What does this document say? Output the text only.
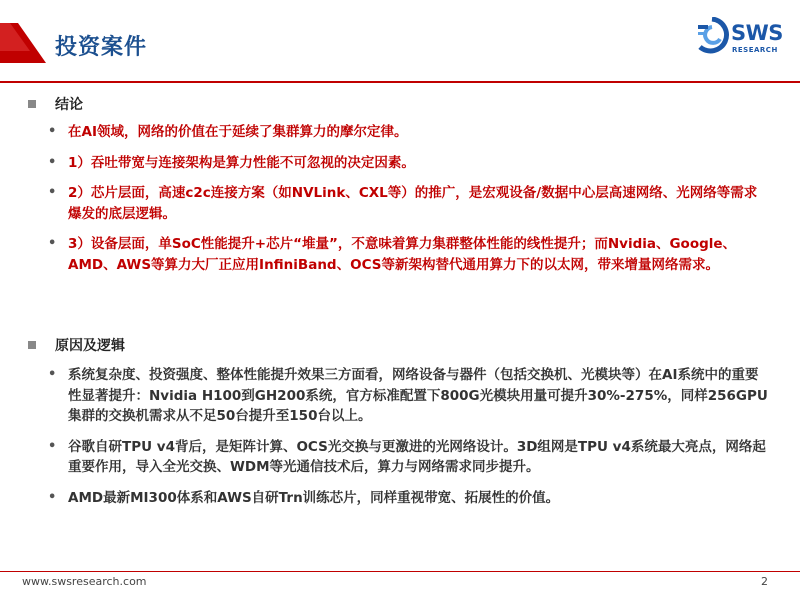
投资案件
SWS
RESEARCH
结论
• 在AI领域，网络的价值在于延续了集群算力的摩尔定律。
• 1）吞吐带宽与连接架构是算力性能不可忽视的决定因素。
• 2）芯片层面，高速c2c连接方案（如NVLink、CXL等）的推广，是宏观设备/数据中心层高速网络、光网络等需求爆发的底层逻辑。
• 3）设备层面，单SoC性能提升+芯片“堆量”，不意味着算力集群整体性能的线性提升；而Nvidia、Google、AMD、AWS等算力大厂正应用InfiniBand、OCS等新架构替代通用算力下的以太网，带来增量网络需求。
原因及逻辑
• 系统复杂度、投资强度、整体性能提升效果三方面看，网络设备与器件（包括交换机、光模块等）在AI系统中的重要性显著提升：Nvidia H100到GH200系统，官方标准配置下800G光模块用量可提升30%-275%，同样256GPU集群的交换机需求从不足50台提升至150台以上。
• 谷歌自研TPU v4背后，是矩阵计算、OCS光交换与更激进的光网络设计。3D组网是TPU v4系统最大亮点，网络起重要作用，导入全光交换、WDM等光通信技术后，算力与网络需求同步提升。
• AMD最新MI300体系和AWS自研Trn训练芯片，同样重视带宽、拓展性的价值。
www.swsresearch.com	2
